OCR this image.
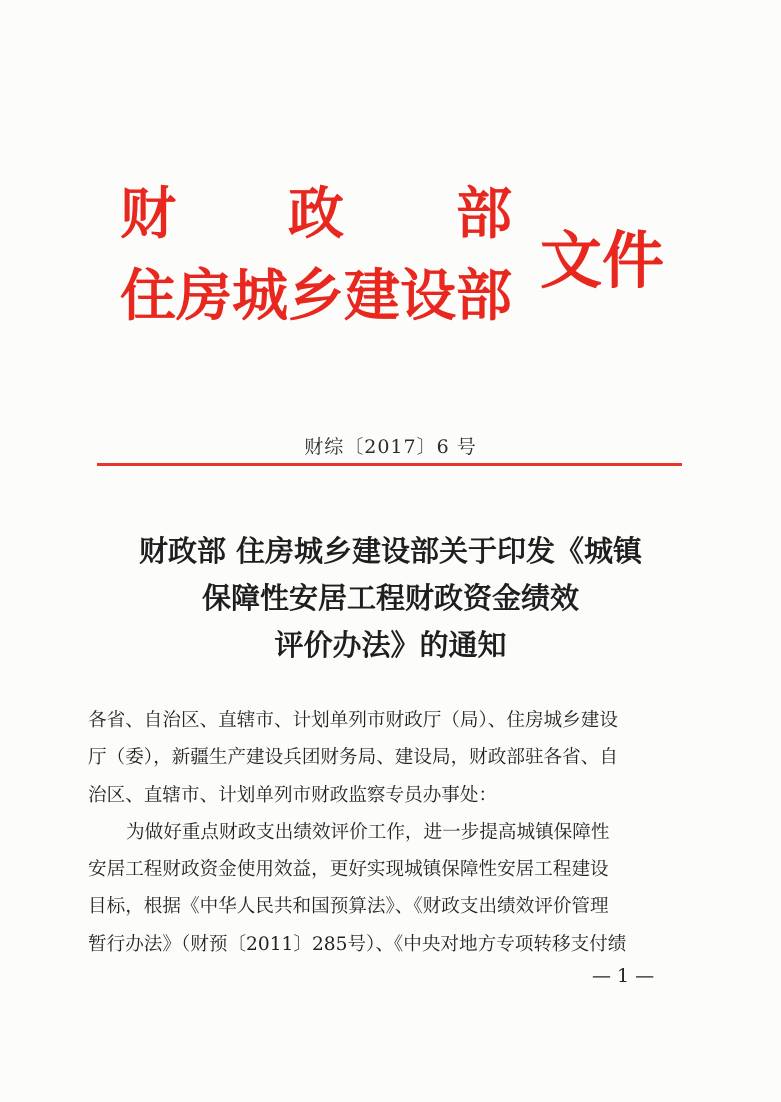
财 政 部
住房城乡建设部 文件
财综〔2017〕6 号
财政部 住房城乡建设部关于印发《城镇
保障性安居工程财政资金绩效
评价办法》的通知

各省、自治区、直辖市、计划单列市财政厅（局）、住房城乡建设

厅（委），新疆生产建设兵团财务局、建设局，财政部驻各省、自

治区、直辖市、计划单列市财政监察专员办事处：

为做好重点财政支出绩效评价工作，进一步提高城镇保障性

安居工程财政资金使用效益，更好实现城镇保障性安居工程建设

目标，根据《中华人民共和国预算法》、《财政支出绩效评价管理

暂行办法》（财预〔2011〕285号）、《中央对地方专项转移支付绩

— 1 —
